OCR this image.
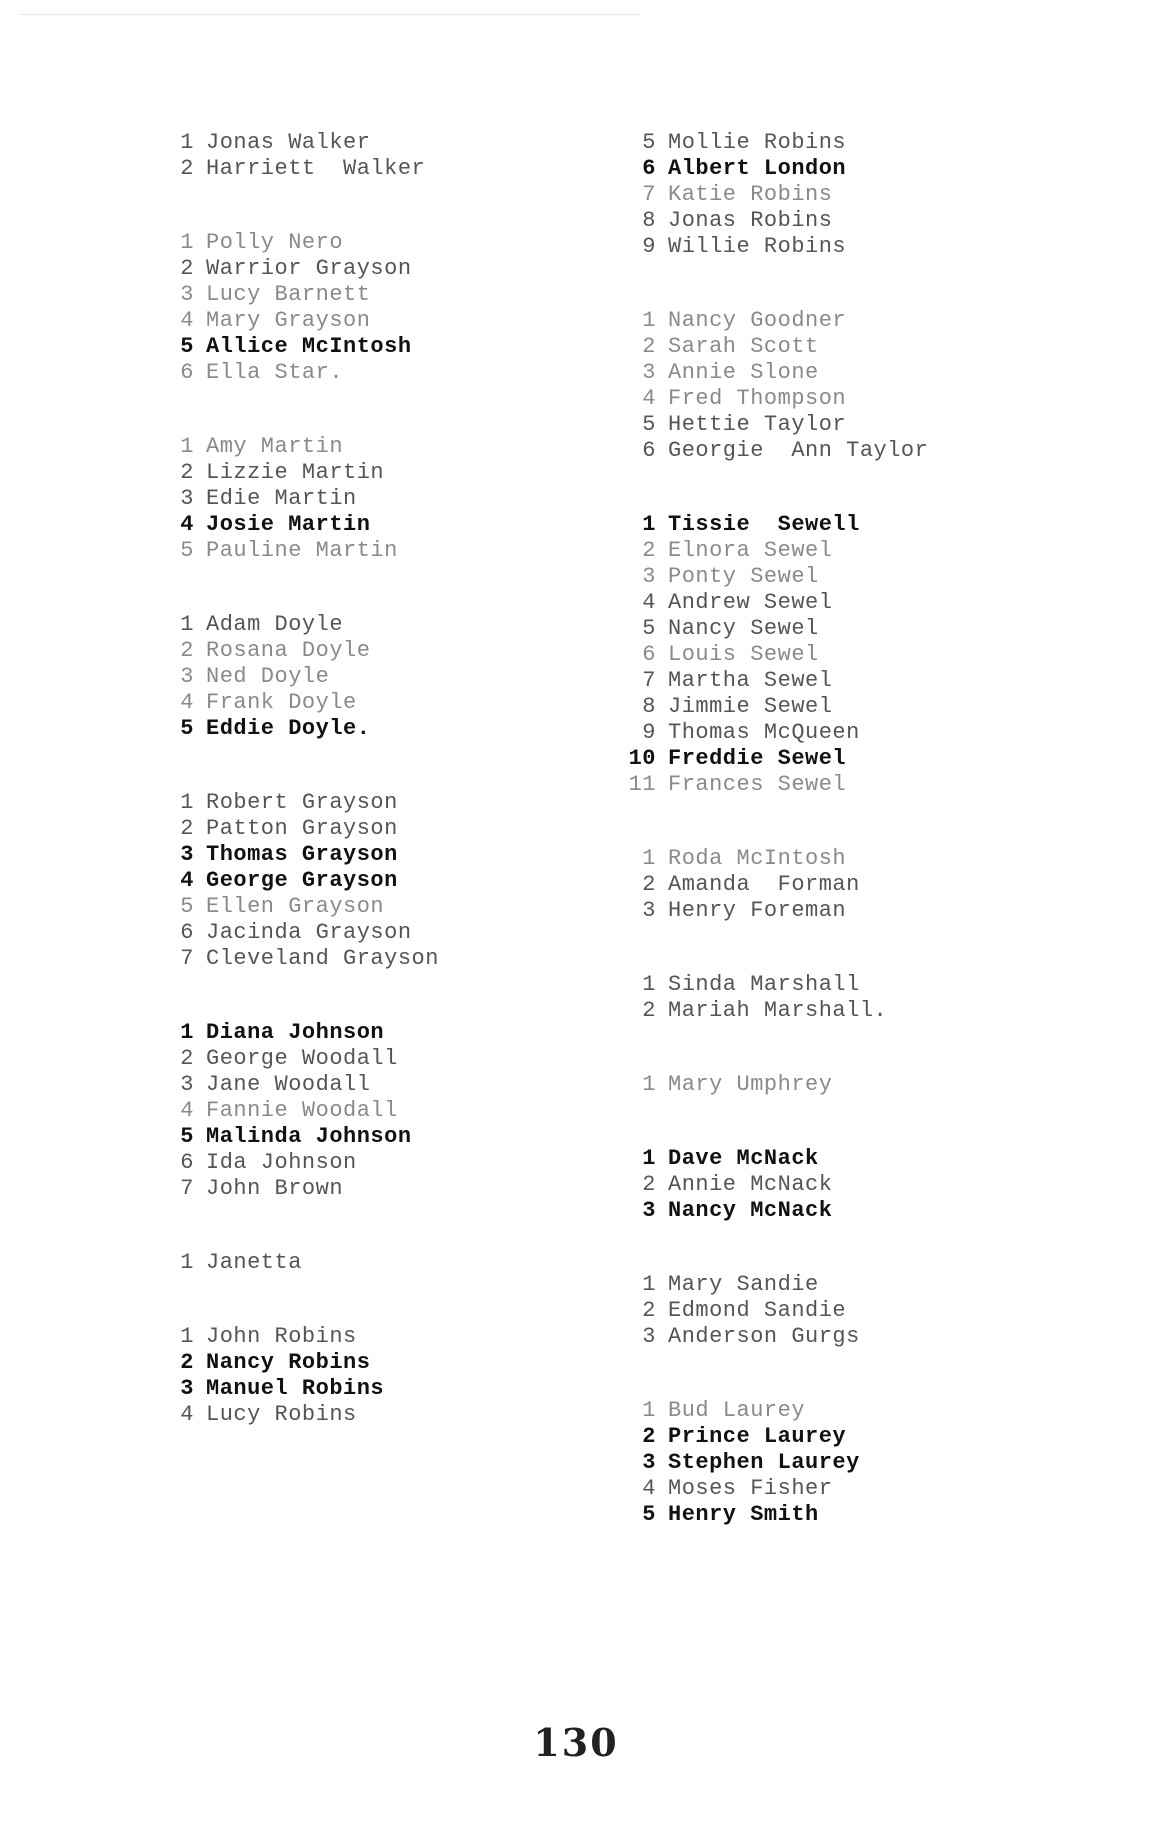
1 Jonas Walker
2 Harriett  Walker
1 Polly Nero
2 Warrior Grayson
3 Lucy Barnett
4 Mary Grayson
5 Allice McIntosh
6 Ella Star.
1 Amy Martin
2 Lizzie Martin
3 Edie Martin
4 Josie Martin
5 Pauline Martin
1 Adam Doyle
2 Rosana Doyle
3 Ned Doyle
4 Frank Doyle
5 Eddie Doyle.
1 Robert Grayson
2 Patton Grayson
3 Thomas Grayson
4 George Grayson
5 Ellen Grayson
6 Jacinda Grayson
7 Cleveland Grayson
1 Diana Johnson
2 George Woodall
3 Jane Woodall
4 Fannie Woodall
5 Malinda Johnson
6 Ida Johnson
7 John Brown
1 Janetta
1 John Robins
2 Nancy Robins
3 Manuel Robins
4 Lucy Robins
5 Mollie Robins
6 Albert London
7 Katie Robins
8 Jonas Robins
9 Willie Robins
1 Nancy Goodner
2 Sarah Scott
3 Annie Slone
4 Fred Thompson
5 Hettie Taylor
6 Georgie  Ann Taylor
1 Tissie  Sewell
2 Elnora Sewel
3 Ponty Sewel
4 Andrew Sewel
5 Nancy Sewel
6 Louis Sewel
7 Martha Sewel
8 Jimmie Sewel
9 Thomas McQueen
10 Freddie Sewel
11 Frances Sewel
1 Roda McIntosh
2 Amanda  Forman
3 Henry Foreman
1 Sinda Marshall
2 Mariah Marshall.
1 Mary Umphrey
1 Dave McNack
2 Annie McNack
3 Nancy McNack
1 Mary Sandie
2 Edmond Sandie
3 Anderson Gurgs
1 Bud Laurey
2 Prince Laurey
3 Stephen Laurey
4 Moses Fisher
5 Henry Smith
130
